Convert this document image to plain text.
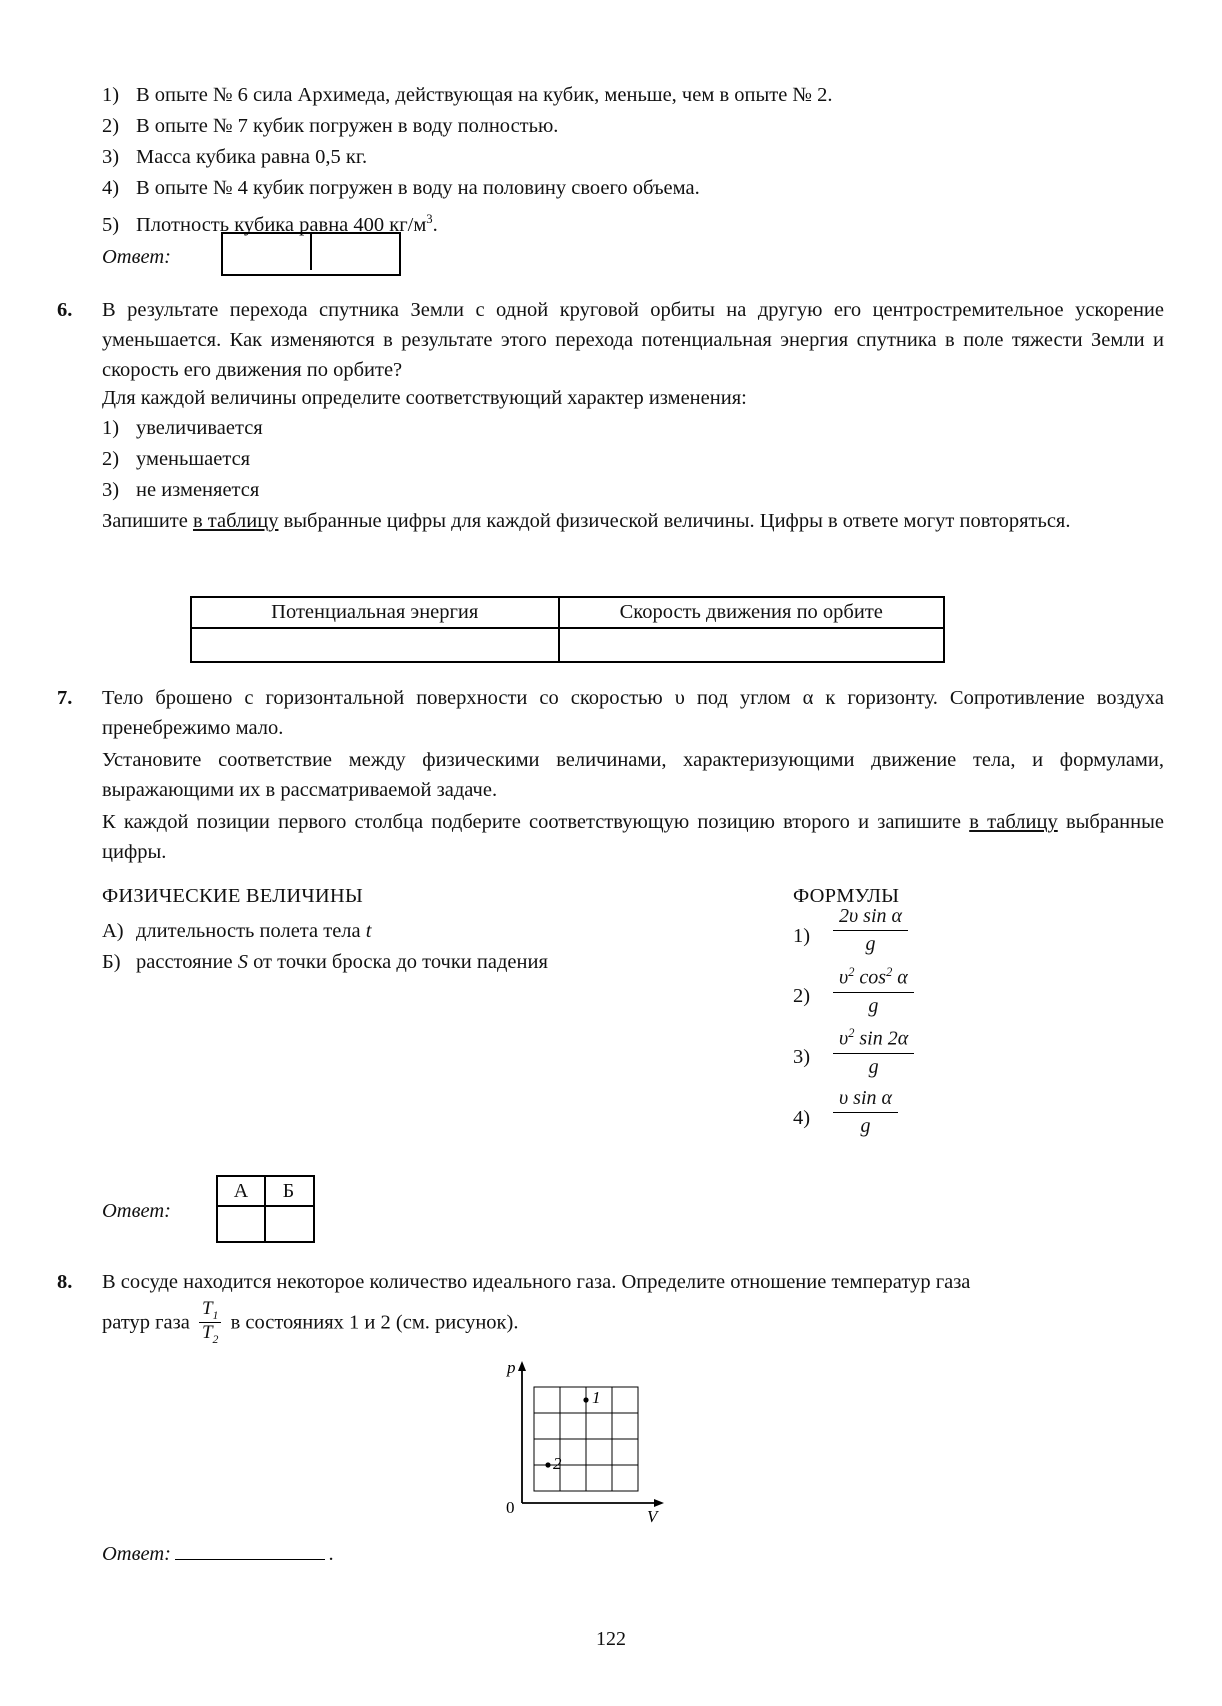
1) В опыте № 6 сила Архимеда, действующая на кубик, меньше, чем в опыте № 2.
2) В опыте № 7 кубик погружен в воду полностью.
3) Масса кубика равна 0,5 кг.
4) В опыте № 4 кубик погружен в воду на половину своего объема.
5) Плотность кубика равна 400 $кг/м^3$.
Ответ:
6. В результате перехода спутника Земли с одной круговой орбиты на другую его центростремительное ускорение уменьшается. Как изменяются в результате этого перехода потенциальная энергия спутника в поле тяжести Земли и скорость его движения по орбите?
Для каждой величины определите соответствующий характер изменения:
1) увеличивается
2) уменьшается
3) не изменяется
Запишите в таблицу выбранные цифры для каждой физической величины. Цифры в ответе могут повторяться.
Потенциальная энергия	Скорость движения по орбите

7. Тело брошено с горизонтальной поверхности со скоростью υ под углом α к горизонту. Сопротивление воздуха пренебрежимо мало.
Установите соответствие между физическими величинами, характеризующими движение тела, и формулами, выражающими их в рассматриваемой задаче.
К каждой позиции первого столбца подберите соответствующую позицию второго и запишите в таблицу выбранные цифры.
ФИЗИЧЕСКИЕ ВЕЛИЧИНЫ	ФОРМУЛЫ
А) длительность полета тела t
Б) расстояние S от точки броска до точки падения
$1) \frac{\text{2υ sin α}}{g}$
$2) \frac{\upsilon^2 \cos^2 \alpha}{g}$
$3) \frac{\upsilon^2 \sin 2\alpha}{g}$
$4) \frac{\text{υ sin α}}{g}$
Ответ:
А	Б
8. В сосуде находится некоторое количество идеального газа. Определите отношение температур газа
ратур газа $\frac{T_1}{T_2}$ в состояниях 1 и 2 (см. рисунок).
p
V
0
1
2
Ответ:	.
122
